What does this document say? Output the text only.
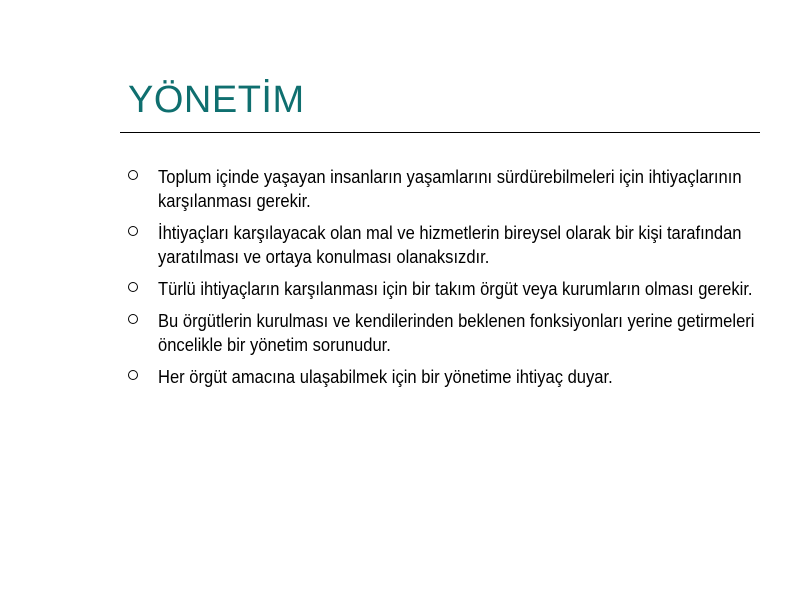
YÖNETİM
Toplum içinde yaşayan insanların yaşamlarını sürdürebilmeleri için ihtiyaçlarının karşılanması gerekir.
İhtiyaçları karşılayacak olan mal ve hizmetlerin bireysel olarak bir kişi tarafından yaratılması ve ortaya konulması olanaksızdır.
Türlü ihtiyaçların karşılanması için bir takım örgüt veya kurumların olması gerekir.
Bu örgütlerin kurulması ve kendilerinden beklenen fonksiyonları yerine getirmeleri öncelikle bir yönetim sorunudur.
Her örgüt amacına ulaşabilmek için bir yönetime ihtiyaç duyar.
